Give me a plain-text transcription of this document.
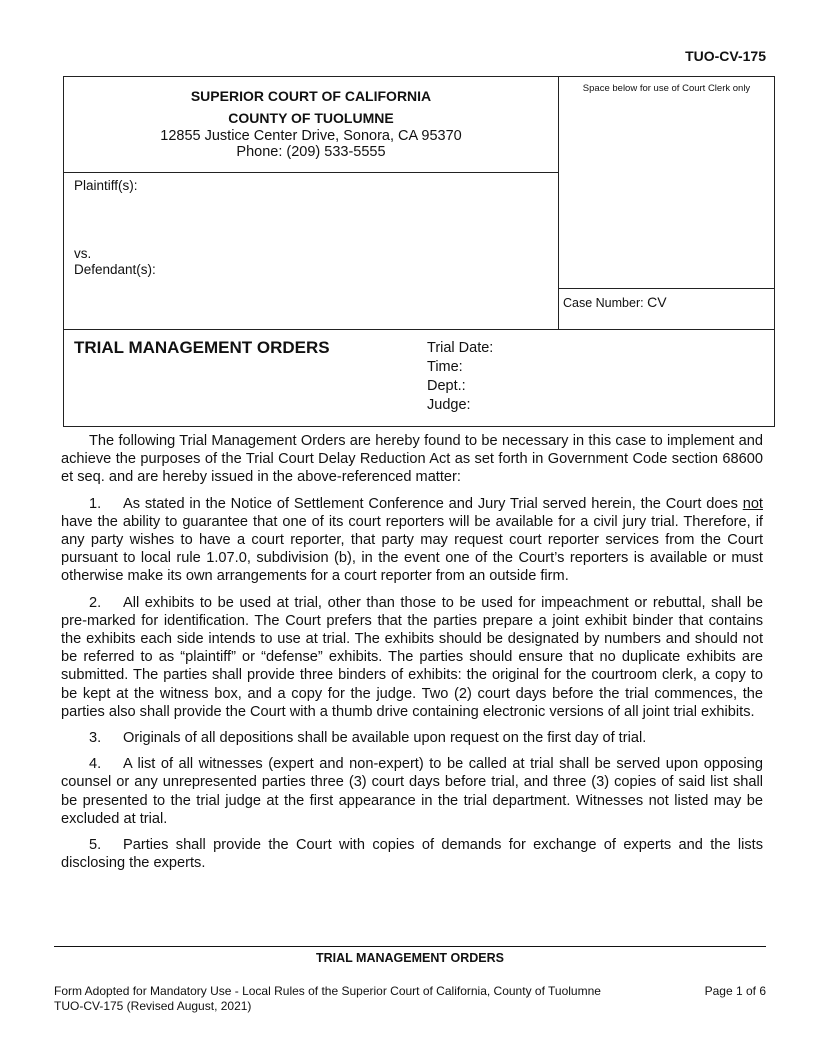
TUO-CV-175
SUPERIOR COURT OF CALIFORNIA
COUNTY OF TUOLUMNE
12855 Justice Center Drive, Sonora, CA 95370
Phone: (209) 533-5555
Space below for use of Court Clerk only
Plaintiff(s):
vs.
Defendant(s):
Case Number: CV
TRIAL MANAGEMENT ORDERS	Trial Date:
Time:
Dept.:
Judge:

The following Trial Management Orders are hereby found to be necessary in this case to implement and achieve the purposes of the Trial Court Delay Reduction Act as set forth in Government Code section 68600 et seq. and are hereby issued in the above-referenced matter:

1. As stated in the Notice of Settlement Conference and Jury Trial served herein, the Court does not have the ability to guarantee that one of its court reporters will be available for a civil jury trial. Therefore, if any party wishes to have a court reporter, that party may request court reporter services from the Court pursuant to local rule 1.07.0, subdivision (b), in the event one of the Court’s reporters is available or must otherwise make its own arrangements for a court reporter from an outside firm.

2. All exhibits to be used at trial, other than those to be used for impeachment or rebuttal, shall be pre-marked for identification. The Court prefers that the parties prepare a joint exhibit binder that contains the exhibits each side intends to use at trial. The exhibits should be designated by numbers and should not be referred to as “plaintiff” or “defense” exhibits. The parties should ensure that no duplicate exhibits are submitted. The parties shall provide three binders of exhibits: the original for the courtroom clerk, a copy to be kept at the witness box, and a copy for the judge. Two (2) court days before the trial commences, the parties also shall provide the Court with a thumb drive containing electronic versions of all joint trial exhibits.

3. Originals of all depositions shall be available upon request on the first day of trial.

4. A list of all witnesses (expert and non-expert) to be called at trial shall be served upon opposing counsel or any unrepresented parties three (3) court days before trial, and three (3) copies of said list shall be presented to the trial judge at the first appearance in the trial department. Witnesses not listed may be excluded at trial.

5. Parties shall provide the Court with copies of demands for exchange of experts and the lists disclosing the experts.

TRIAL MANAGEMENT ORDERS
Form Adopted for Mandatory Use - Local Rules of the Superior Court of California, County of Tuolumne
TUO-CV-175 (Revised August, 2021)
Page 1 of 6
